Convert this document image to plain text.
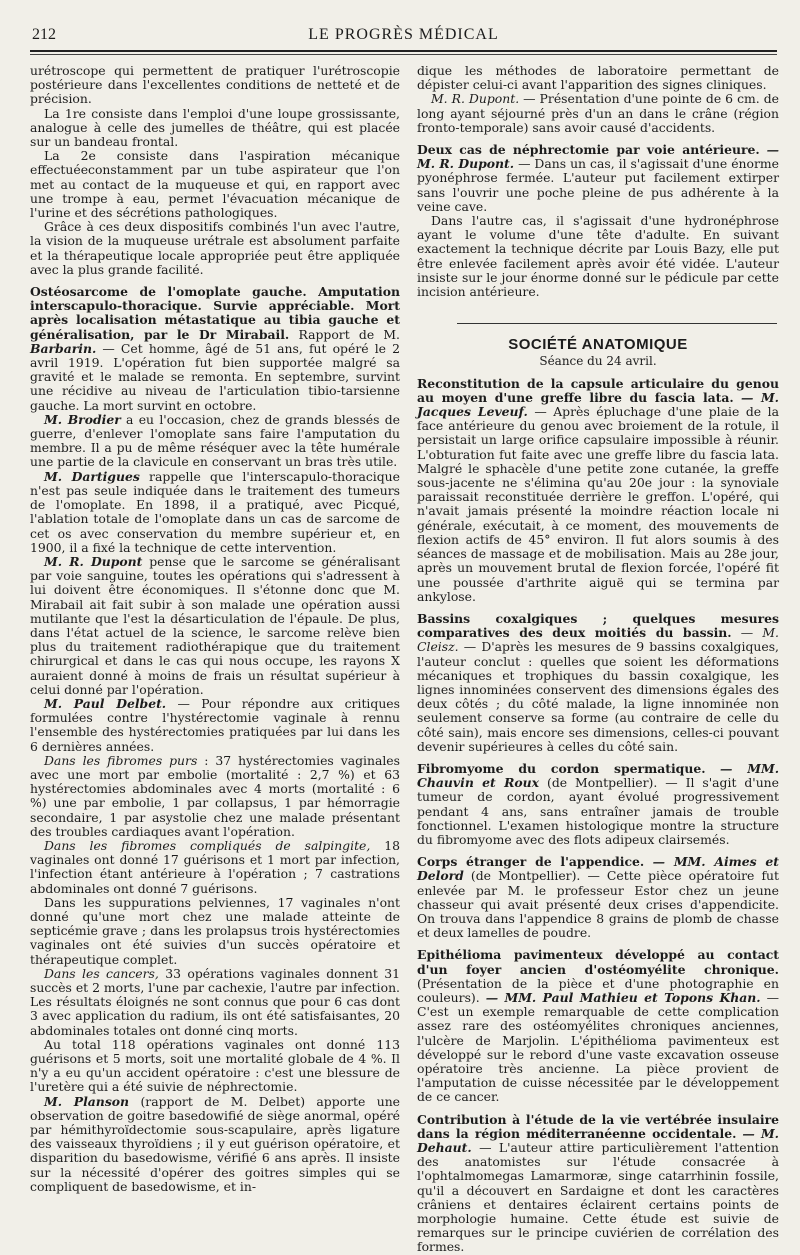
212	LE PROGRÈS MÉDICAL

urétroscope qui permettent de pratiquer l'urétroscopie postérieure dans l'excellentes conditions de netteté et de précision.

La 1re consiste dans l'emploi d'une loupe grossissante, analogue à celle des jumelles de théâtre, qui est placée sur un bandeau frontal.

La 2e consiste dans l'aspiration mécanique effectuéeconstamment par un tube aspirateur que l'on met au contact de la muqueuse et qui, en rapport avec une trompe à eau, permet l'évacuation mécanique de l'urine et des sécrétions pathologiques.

Grâce à ces deux dispositifs combinés l'un avec l'autre, la vision de la muqueuse urétrale est absolument parfaite et la thérapeutique locale appropriée peut être appliquée avec la plus grande facilité.

Ostéosarcome de l'omoplate gauche. Amputation interscapulo-thoracique. Survie appréciable. Mort après localisation métastatique au tibia gauche et généralisation, par le Dr Mirabail. Rapport de M. Barbarin. — Cet homme, âgé de 51 ans, fut opéré le 2 avril 1919. L'opération fut bien supportée malgré sa gravité et le malade se remonta. En septembre, survint une récidive au niveau de l'articulation tibio-tarsienne gauche. La mort survint en octobre.

M. Brodier a eu l'occasion, chez de grands blessés de guerre, d'enlever l'omoplate sans faire l'amputation du membre. Il a pu de même réséquer avec la tête humérale une partie de la clavicule en conservant un bras très utile.

M. Dartigues rappelle que l'interscapulo-thoracique n'est pas seule indiquée dans le traitement des tumeurs de l'omoplate. En 1898, il a pratiqué, avec Picqué, l'ablation totale de l'omoplate dans un cas de sarcome de cet os avec conservation du membre supérieur et, en 1900, il a fixé la technique de cette intervention.

M. R. Dupont pense que le sarcome se généralisant par voie sanguine, toutes les opérations qui s'adressent à lui doivent être économiques. Il s'étonne donc que M. Mirabail ait fait subir à son malade une opération aussi mutilante que l'est la désarticulation de l'épaule. De plus, dans l'état actuel de la science, le sarcome relève bien plus du traitement radiothérapique que du traitement chirurgical et dans le cas qui nous occupe, les rayons X auraient donné à moins de frais un résultat supérieur à celui donné par l'opération.

M. Paul Delbet. — Pour répondre aux critiques formulées contre l'hystérectomie vaginale à rennu l'ensemble des hystérectomies pratiquées par lui dans les 6 dernières années.

Dans les fibromes purs : 37 hystérectomies vaginales avec une mort par embolie (mortalité : 2,7 %) et 63 hystérectomies abdominales avec 4 morts (mortalité : 6 %) une par embolie, 1 par collapsus, 1 par hémorragie secondaire, 1 par asystolie chez une malade présentant des troubles cardiaques avant l'opération.

Dans les fibromes compliqués de salpingite, 18 vaginales ont donné 17 guérisons et 1 mort par infection, l'infection étant antérieure à l'opération ; 7 castrations abdominales ont donné 7 guérisons.

Dans les suppurations pelviennes, 17 vaginales n'ont donné qu'une mort chez une malade atteinte de septicémie grave ; dans les prolapsus trois hystérectomies vaginales ont été suivies d'un succès opératoire et thérapeutique complet.

Dans les cancers, 33 opérations vaginales donnent 31 succès et 2 morts, l'une par cachexie, l'autre par infection. Les résultats éloignés ne sont connus que pour 6 cas dont 3 avec application du radium, ils ont été satisfaisantes, 20 abdominales totales ont donné cinq morts.

Au total 118 opérations vaginales ont donné 113 guérisons et 5 morts, soit une mortalité globale de 4 %. Il n'y a eu qu'un accident opératoire : c'est une blessure de l'uretère qui a été suivie de néphrectomie.

M. Planson (rapport de M. Delbet) apporte une observation de goitre basedowifié de siège anormal, opéré par hémithyroïdectomie sous-scapulaire, après ligature des vaisseaux thyroïdiens ; il y eut guérison opératoire, et disparition du basedowisme, vérifié 6 ans après. Il insiste sur la nécessité d'opérer des goitres simples qui se compliquent de basedowisme, et in-

dique les méthodes de laboratoire permettant de dépister celui-ci avant l'apparition des signes cliniques.

M. R. Dupont. — Présentation d'une pointe de 6 cm. de long ayant séjourné près d'un an dans le crâne (région fronto-temporale) sans avoir causé d'accidents.

Deux cas de néphrectomie par voie antérieure. — M. R. Dupont. — Dans un cas, il s'agissait d'une énorme pyonéphrose fermée. L'auteur put facilement extirper sans l'ouvrir une poche pleine de pus adhérente à la veine cave.

Dans l'autre cas, il s'agissait d'une hydronéphrose ayant le volume d'une tête d'adulte. En suivant exactement la technique décrite par Louis Bazy, elle put être enlevée facilement après avoir été vidée. L'auteur insiste sur le jour énorme donné sur le pédicule par cette incision antérieure.

SOCIÉTÉ ANATOMIQUE
Séance du 24 avril.

Reconstitution de la capsule articulaire du genou au moyen d'une greffe libre du fascia lata. — M. Jacques Leveuf. — Après épluchage d'une plaie de la face antérieure du genou avec broiement de la rotule, il persistait un large orifice capsulaire impossible à réunir. L'obturation fut faite avec une greffe libre du fascia lata. Malgré le sphacèle d'une petite zone cutanée, la greffe sous-jacente ne s'élimina qu'au 20e jour : la synoviale paraissait reconstituée derrière le greffon. L'opéré, qui n'avait jamais présenté la moindre réaction locale ni générale, exécutait, à ce moment, des mouvements de flexion actifs de 45° environ. Il fut alors soumis à des séances de massage et de mobilisation. Mais au 28e jour, après un mouvement brutal de flexion forcée, l'opéré fit une poussée d'arthrite aiguë qui se termina par ankylose.

Bassins coxalgiques ; quelques mesures comparatives des deux moitiés du bassin. — M. Cleisz. — D'après les mesures de 9 bassins coxalgiques, l'auteur conclut : quelles que soient les déformations mécaniques et trophiques du bassin coxalgique, les lignes innominées conservent des dimensions égales des deux côtés ; du côté malade, la ligne innominée non seulement conserve sa forme (au contraire de celle du côté sain), mais encore ses dimensions, celles-ci pouvant devenir supérieures à celles du côté sain.

Fibromyome du cordon spermatique. — MM. Chauvin et Roux (de Montpellier). — Il s'agit d'une tumeur de cordon, ayant évolué progressivement pendant 4 ans, sans entraîner jamais de trouble fonctionnel. L'examen histologique montre la structure du fibromyome avec des flots adipeux clairsemés.

Corps étranger de l'appendice. — MM. Aimes et Delord (de Montpellier). — Cette pièce opératoire fut enlevée par M. le professeur Estor chez un jeune chasseur qui avait présenté deux crises d'appendicite. On trouva dans l'appendice 8 grains de plomb de chasse et deux lamelles de poudre.

Epithélioma pavimenteux développé au contact d'un foyer ancien d'ostéomyélite chronique. (Présentation de la pièce et d'une photographie en couleurs). — MM. Paul Mathieu et Topons Khan. — C'est un exemple remarquable de cette complication assez rare des ostéomyélites chroniques anciennes, l'ulcère de Marjolin. L'épithélioma pavimenteux est développé sur le rebord d'une vaste excavation osseuse opératoire très ancienne. La pièce provient de l'amputation de cuisse nécessitée par le développement de ce cancer.

Contribution à l'étude de la vie vertébrée insulaire dans la région méditerranéenne occidentale. — M. Dehaut. — L'auteur attire particulièrement l'attention des anatomistes sur l'étude consacrée à l'ophtalmomegas Lamarmoræ, singe catarrhinin fossile, qu'il a découvert en Sardaigne et dont les caractères crâniens et dentaires éclairent certains points de morphologie humaine. Cette étude est suivie de remarques sur le principe cuviérien de corrélation des formes.
